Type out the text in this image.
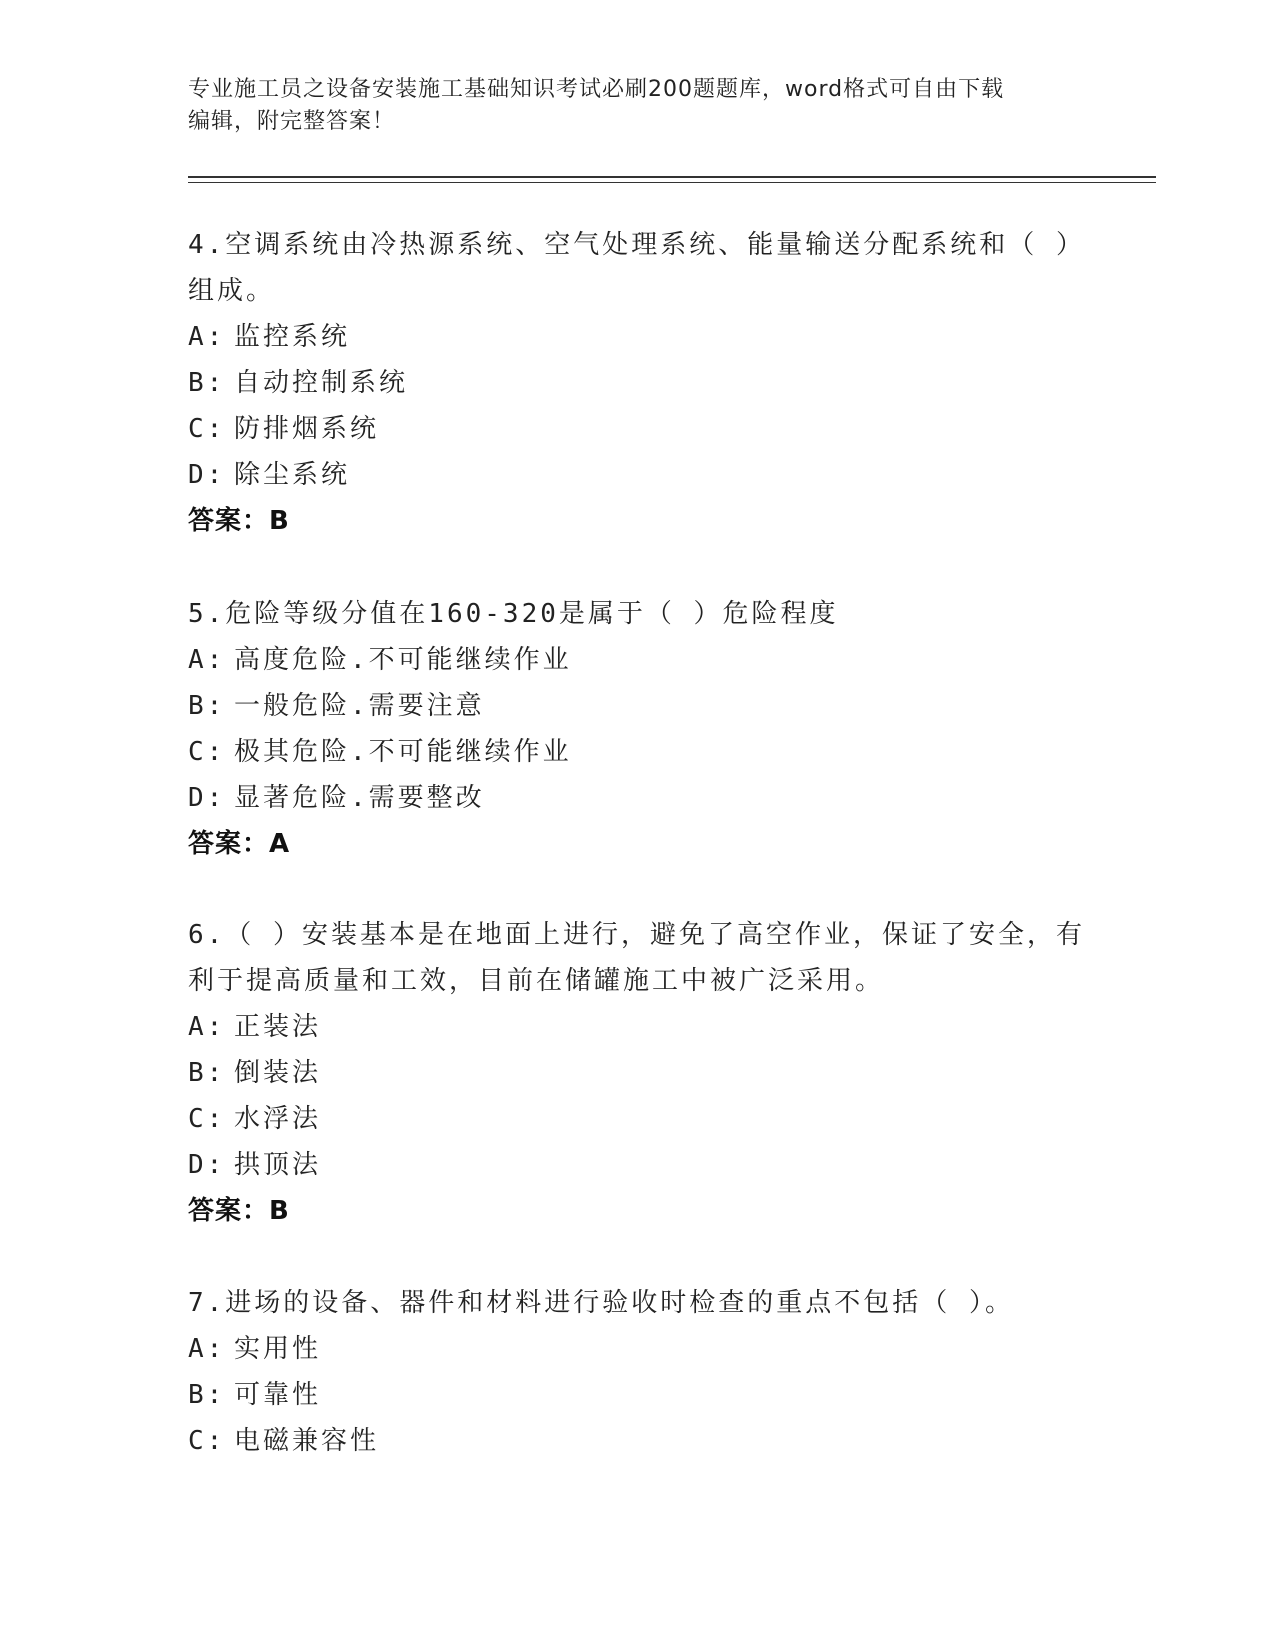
专业施工员之设备安装施工基础知识考试必刷200题题库，word格式可自由下载
编辑，附完整答案！
4.空调系统由冷热源系统、空气处理系统、能量输送分配系统和（ ）
组成。
A: 监控系统
B: 自动控制系统
C: 防排烟系统
D: 除尘系统
答案：B
5.危险等级分值在160-320是属于（ ）危险程度
A: 高度危险.不可能继续作业
B: 一般危险.需要注意
C: 极其危险.不可能继续作业
D: 显著危险.需要整改
答案：A
6.（ ）安装基本是在地面上进行，避免了高空作业，保证了安全，有
利于提高质量和工效，目前在储罐施工中被广泛采用。
A: 正装法
B: 倒装法
C: 水浮法
D: 拱顶法
答案：B
7.进场的设备、器件和材料进行验收时检查的重点不包括（ ）。
A: 实用性
B: 可靠性
C: 电磁兼容性
